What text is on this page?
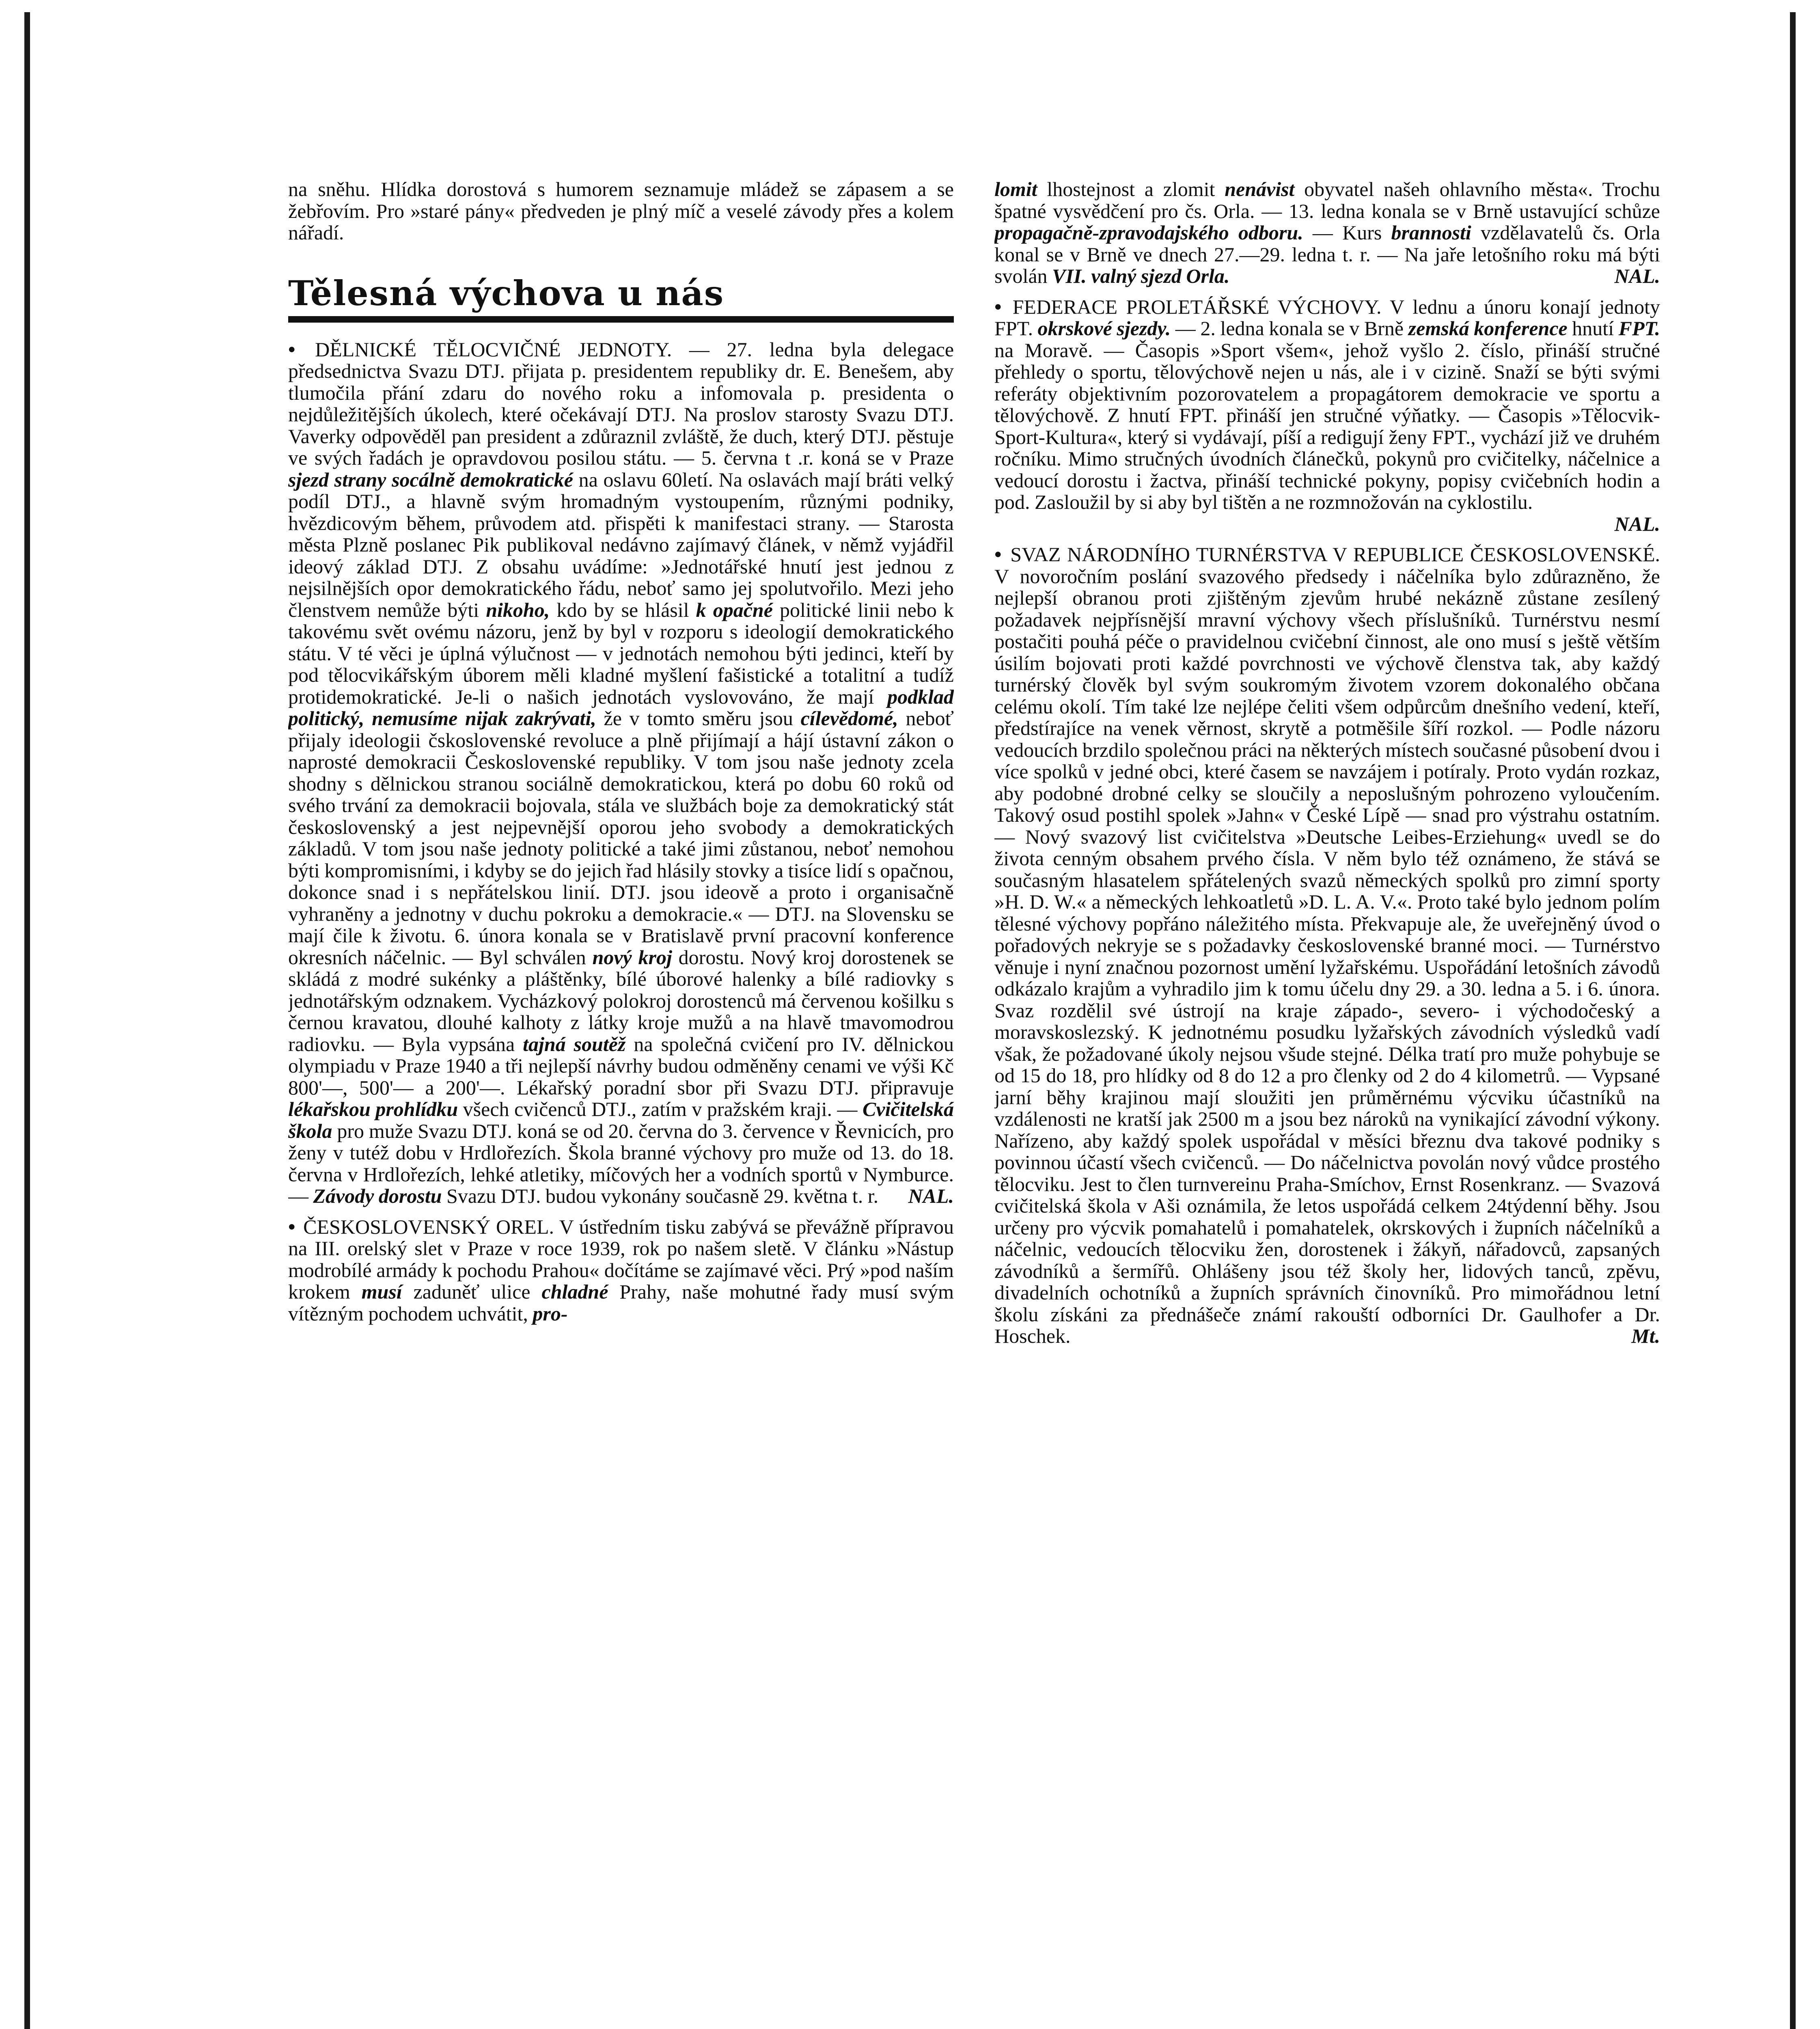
na sněhu. Hlídka dorostová s humorem seznamuje mládež se zápasem a se žebřovím. Pro »staré pány« předveden je plný míč a veselé závody přes a kolem nářadí.

Tělesná výchova u nás

• DĚLNICKÉ TĚLOCVIČNÉ JEDNOTY. — 27. ledna byla delegace předsednictva Svazu DTJ. přijata p. presidentem republiky dr. E. Benešem, aby tlumočila přání zdaru do nového roku a infomovala p. presidenta o nejdůležitějších úkolech, které očekávají DTJ. Na proslov starosty Svazu DTJ. Vaverky odpověděl pan president a zdůraznil zvláště, že duch, který DTJ. pěstuje ve svých řadách je opravdovou posilou státu. — 5. června t .r. koná se v Praze sjezd strany socálně demokratické na oslavu 60letí. Na oslavách mají bráti velký podíl DTJ., a hlavně svým hromadným vystoupením, různými podniky, hvězdicovým během, průvodem atd. přispěti k manifestaci strany. — Starosta města Plzně poslanec Pik publikoval nedávno zajímavý článek, v němž vyjádřil ideový základ DTJ. Z obsahu uvádíme: »Jednotářské hnutí jest jednou z nejsilnějších opor demokratického řádu, neboť samo jej spolutvořilo. Mezi jeho členstvem nemůže býti nikoho, kdo by se hlásil k opačné politické linii nebo k takovému svět ovému názoru, jenž by byl v rozporu s ideologií demokratického státu. V té věci je úplná výlučnost — v jednotách nemohou býti jedinci, kteří by pod tělocvikářským úborem měli kladné myšlení fašistické a totalitní a tudíž protidemokratické. Je-li o našich jednotách vyslovováno, že mají podklad politický, nemusíme nijak zakrývati, že v tomto směru jsou cílevědomé, neboť přijaly ideologii čskoslovenské revoluce a plně přijímají a hájí ústavní zákon o naprosté demokracii Československé republiky. V tom jsou naše jednoty zcela shodny s dělnickou stranou sociálně demokratickou, která po dobu 60 roků od svého trvání za demokracii bojovala, stála ve službách boje za demokratický stát československý a jest nejpevnější oporou jeho svobody a demokratických základů. V tom jsou naše jednoty politické a také jimi zůstanou, neboť nemohou býti kompromisními, i kdyby se do jejich řad hlásily stovky a tisíce lidí s opačnou, dokonce snad i s nepřátelskou linií. DTJ. jsou ideově a proto i organisačně vyhraněny a jednotny v duchu pokroku a demokracie.« — DTJ. na Slovensku se mají čile k životu. 6. února konala se v Bratislavě první pracovní konference okresních náčelnic. — Byl schválen nový kroj dorostu. Nový kroj dorostenek se skládá z modré sukénky a pláštěnky, bílé úborové halenky a bílé radiovky s jednotářským odznakem. Vycházkový polokroj dorostenců má červenou košilku s černou kravatou, dlouhé kalhoty z látky kroje mužů a na hlavě tmavomodrou radiovku. — Byla vypsána tajná soutěž na společná cvičení pro IV. dělnickou olympiadu v Praze 1940 a tři nejlepší návrhy budou odměněny cenami ve výši Kč 800'—, 500'— a 200'—. Lékařský poradní sbor při Svazu DTJ. připravuje lékařskou prohlídku všech cvičenců DTJ., zatím v pražském kraji. — Cvičitelská škola pro muže Svazu DTJ. koná se od 20. června do 3. července v Řevnicích, pro ženy v tutéž dobu v Hrdlořezích. Škola branné výchovy pro muže od 13. do 18. června v Hrdlořezích, lehké atletiky, míčových her a vodních sportů v Nymburce. — Závody dorostu Svazu DTJ. budou vykonány současně 29. května t. r. NAL.

• ČESKOSLOVENSKÝ OREL. V ústředním tisku zabývá se převážně přípravou na III. orelský slet v Praze v roce 1939, rok po našem sletě. V článku »Nástup modrobílé armády k pochodu Prahou« dočítáme se zajímavé věci. Prý »pod naším krokem musí zaduněť ulice chladné Prahy, naše mohutné řady musí svým vítězným pochodem uchvátit, pro-

lomit lhostejnost a zlomit nenávist obyvatel našeh ohlavního města«. Trochu špatné vysvědčení pro čs. Orla. — 13. ledna konala se v Brně ustavující schůze propagačně-zpravodajského odboru. — Kurs brannosti vzdělavatelů čs. Orla konal se v Brně ve dnech 27.—29. ledna t. r. — Na jaře letošního roku má býti svolán VII. valný sjezd Orla.	NAL.

• FEDERACE PROLETÁŘSKÉ VÝCHOVY. V lednu a únoru konají jednoty FPT. okrskové sjezdy. — 2. ledna konala se v Brně zemská konference hnutí FPT. na Moravě. — Časopis »Sport všem«, jehož vyšlo 2. číslo, přináší stručné přehledy o sportu, tělovýchově nejen u nás, ale i v cizině. Snaží se býti svými referáty objektivním pozorovatelem a propagátorem demokracie ve sportu a tělovýchově. Z hnutí FPT. přináší jen stručné výňatky. — Časopis »Tělocvik-Sport-Kultura«, který si vydávají, píší a redigují ženy FPT., vychází již ve druhém ročníku. Mimo stručných úvodních článečků, pokynů pro cvičitelky, náčelnice a vedoucí dorostu i žactva, přináší technické pokyny, popisy cvičebních hodin a pod. Zasloužil by si aby byl tištěn a ne rozmnožován na cyklostilu.
NAL.

• SVAZ NÁRODNÍHO TURNÉRSTVA V REPUBLICE ČESKOSLOVENSKÉ. V novoročním poslání svazového předsedy i náčelníka bylo zdůrazněno, že nejlepší obranou proti zjištěným zjevům hrubé nekázně zůstane zesílený požadavek nejpřísnější mravní výchovy všech příslušníků. Turnérstvu nesmí postačiti pouhá péče o pravidelnou cvičební činnost, ale ono musí s ještě větším úsilím bojovati proti každé povrchnosti ve výchově členstva tak, aby každý turnérský člověk byl svým soukromým životem vzorem dokonalého občana celému okolí. Tím také lze nejlépe čeliti všem odpůrcům dnešního vedení, kteří, předstírajíce na venek věrnost, skrytě a potměšile šíří rozkol. — Podle názoru vedoucích brzdilo společnou práci na některých místech současné působení dvou i více spolků v jedné obci, které časem se navzájem i potíraly. Proto vydán rozkaz, aby podobné drobné celky se sloučily a neposlušným pohrozeno vyloučením. Takový osud postihl spolek »Jahn« v České Lípě — snad pro výstrahu ostatním. — Nový svazový list cvičitelstva »Deutsche Leibes-Erziehung« uvedl se do života cenným obsahem prvého čísla. V něm bylo též oznámeno, že stává se současným hlasatelem spřátelených svazů německých spolků pro zimní sporty »H. D. W.« a německých lehkoatletů »D. L. A. V.«. Proto také bylo jednom polím tělesné výchovy popřáno náležitého místa. Překvapuje ale, že uveřejněný úvod o pořadových nekryje se s požadavky československé branné moci. — Turnérstvo věnuje i nyní značnou pozornost umění lyžařskému. Uspořádání letošních závodů odkázalo krajům a vyhradilo jim k tomu účelu dny 29. a 30. ledna a 5. i 6. února. Svaz rozdělil své ústrojí na kraje západo-, severo- i východočeský a moravskoslezský. K jednotnému posudku lyžařských závodních výsledků vadí však, že požadované úkoly nejsou všude stejné. Délka tratí pro muže pohybuje se od 15 do 18, pro hlídky od 8 do 12 a pro členky od 2 do 4 kilometrů. — Vypsané jarní běhy krajinou mají sloužiti jen průměrnému výcviku účastníků na vzdálenosti ne kratší jak 2500 m a jsou bez nároků na vynikající závodní výkony. Nařízeno, aby každý spolek uspořádal v měsíci březnu dva takové podniky s povinnou účastí všech cvičenců. — Do náčelnictva povolán nový vůdce prostého tělocviku. Jest to člen turnvereinu Praha-Smíchov, Ernst Rosenkranz. — Svazová cvičitelská škola v Aši oznámila, že letos uspořádá celkem 24týdenní běhy. Jsou určeny pro výcvik pomahatelů i pomahatelek, okrskových i župních náčelníků a náčelnic, vedoucích tělocviku žen, dorostenek i žákyň, nářadovců, zapsaných závodníků a šermířů. Ohlášeny jsou též školy her, lidových tanců, zpěvu, divadelních ochotníků a župních správních činovníků. Pro mimořádnou letní školu získáni za přednášeče známí rakouští odborníci Dr. Gaulhofer a Dr. Hoschek.	Mt.
